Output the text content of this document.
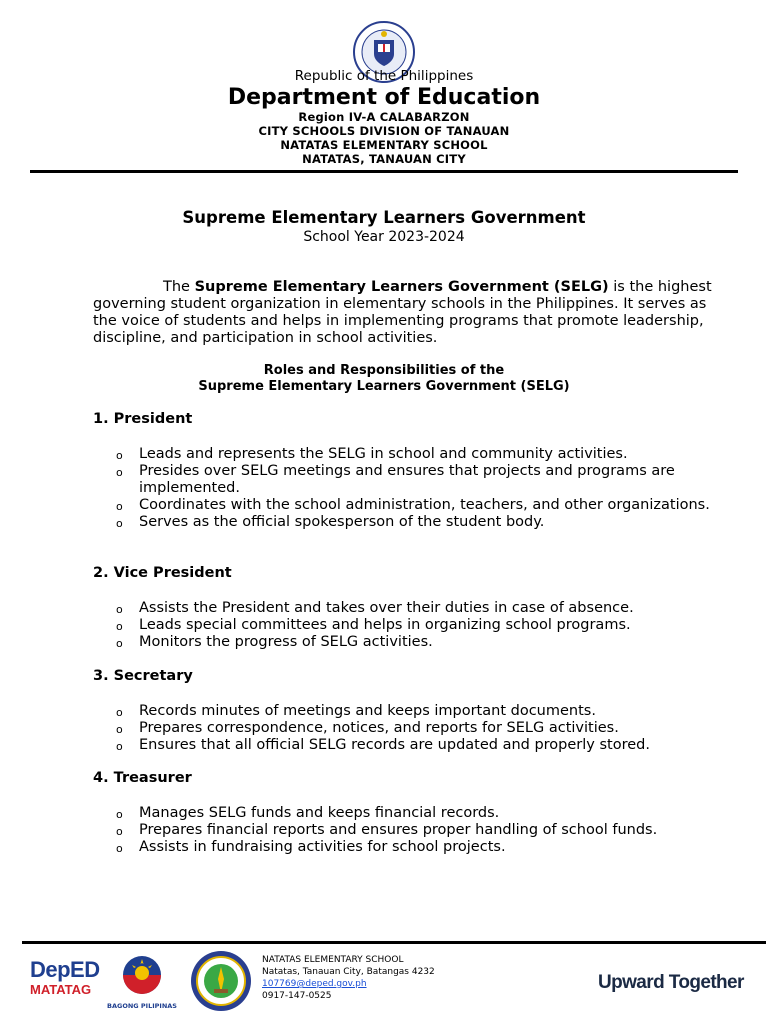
Republic of the Philippines
Department of Education
Region IV-A CALABARZON
CITY SCHOOLS DIVISION OF TANAUAN
NATATAS ELEMENTARY SCHOOL
NATATAS, TANAUAN CITY
Supreme Elementary Learners Government
School Year 2023-2024
The Supreme Elementary Learners Government (SELG) is the highest governing student organization in elementary schools in the Philippines. It serves as the voice of students and helps in implementing programs that promote leadership, discipline, and participation in school activities.
Roles and Responsibilities of the
Supreme Elementary Learners Government (SELG)
1. President
o Leads and represents the SELG in school and community activities.
o Presides over SELG meetings and ensures that projects and programs are implemented.
o Coordinates with the school administration, teachers, and other organizations.
o Serves as the official spokesperson of the student body.
2. Vice President
o Assists the President and takes over their duties in case of absence.
o Leads special committees and helps in organizing school programs.
o Monitors the progress of SELG activities.
3. Secretary
o Records minutes of meetings and keeps important documents.
o Prepares correspondence, notices, and reports for SELG activities.
o Ensures that all official SELG records are updated and properly stored.
4. Treasurer
o Manages SELG funds and keeps financial records.
o Prepares financial reports and ensures proper handling of school funds.
o Assists in fundraising activities for school projects.
DepED
MATATAG
BAGONG PILIPINAS
NATATAS ELEMENTARY SCHOOL
Natatas, Tanauan City, Batangas 4232
107769@deped.gov.ph
0917-147-0525
Upward Together
